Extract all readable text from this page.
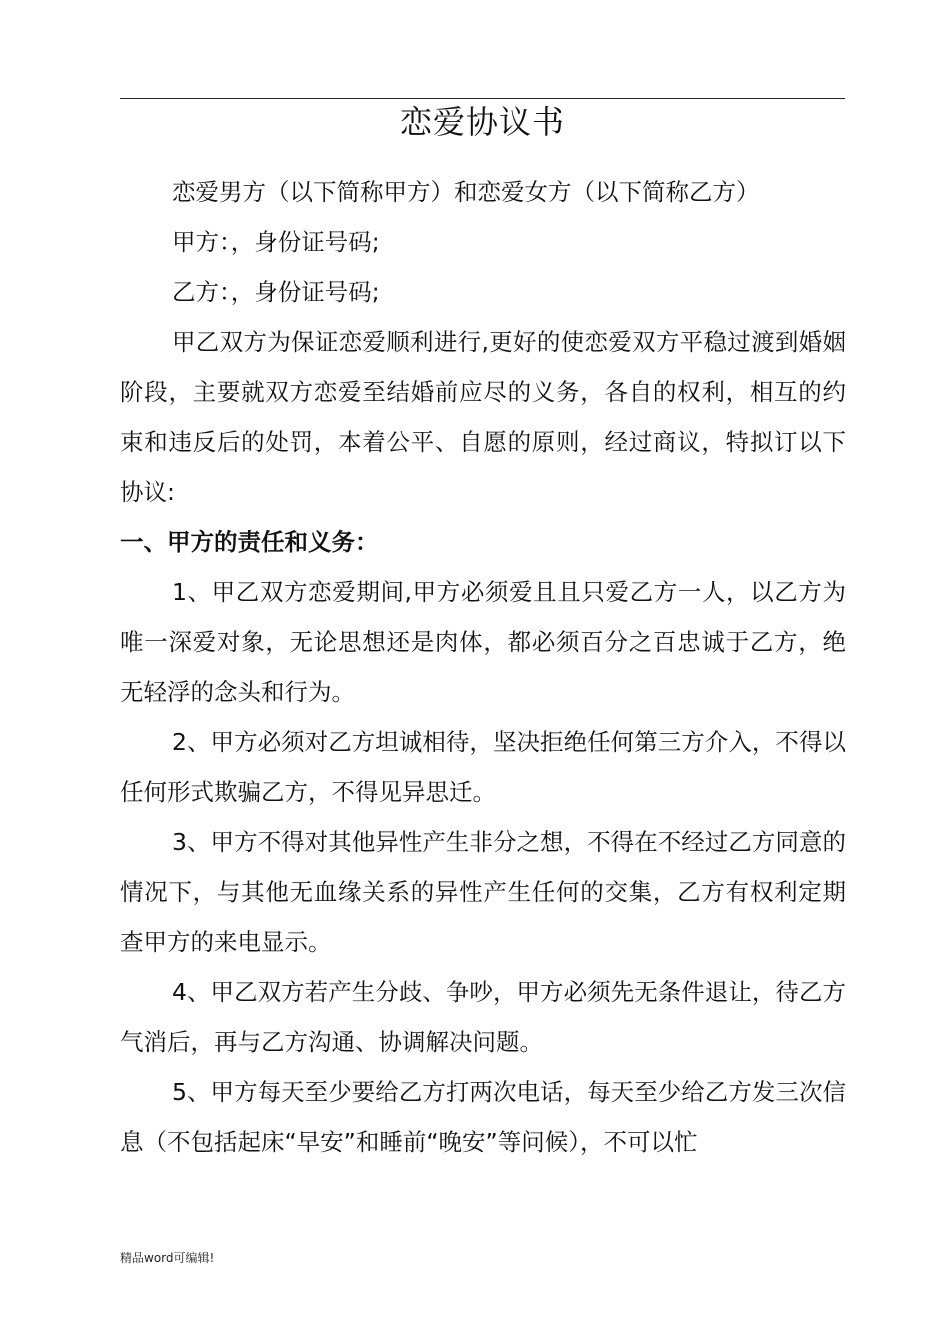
恋爱协议书

恋爱男方（以下简称甲方）和恋爱女方（以下简称乙方）

甲方：，身份证号码;

乙方：，身份证号码;

甲乙双方为保证恋爱顺利进行,更好的使恋爱双方平稳过渡到婚姻阶段，主要就双方恋爱至结婚前应尽的义务，各自的权利，相互的约束和违反后的处罚，本着公平、自愿的原则，经过商议，特拟订以下协议:

一、甲方的责任和义务：

1、甲乙双方恋爱期间,甲方必须爱且且只爱乙方一人，以乙方为唯一深爱对象，无论思想还是肉体，都必须百分之百忠诚于乙方，绝无轻浮的念头和行为。

2、甲方必须对乙方坦诚相待，坚决拒绝任何第三方介入，不得以任何形式欺骗乙方，不得见异思迁。

3、甲方不得对其他异性产生非分之想，不得在不经过乙方同意的情况下，与其他无血缘关系的异性产生任何的交集，乙方有权利定期查甲方的来电显示。

4、甲乙双方若产生分歧、争吵，甲方必须先无条件退让，待乙方气消后，再与乙方沟通、协调解决问题。

5、甲方每天至少要给乙方打两次电话，每天至少给乙方发三次信息（不包括起床“早安”和睡前“晚安”等问候），不可以忙

精品word可编辑!
